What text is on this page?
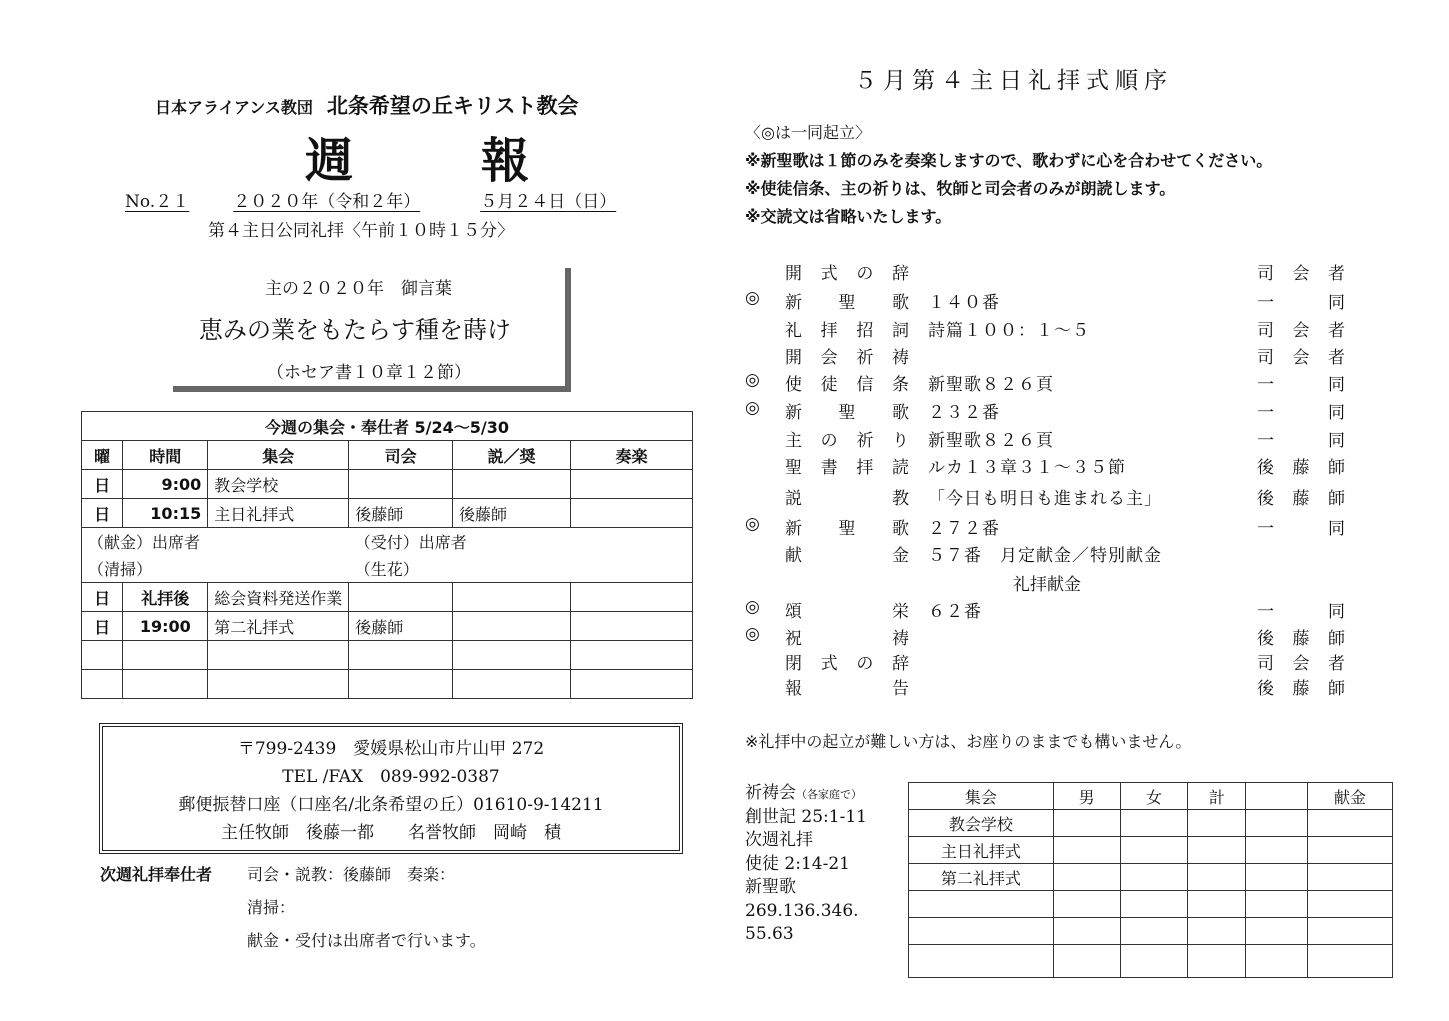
日本アライアンス教団 北条希望の丘キリスト教会
週　報
No.２１	２０２０年（令和２年）	５月２４日（日）
第４主日公同礼拝〈午前１０時１５分〉
主の２０２０年　御言葉
恵みの業をもたらす種を蒔け
（ホセア書１０章１２節）
今週の集会・奉仕者 5/24〜5/30					
曜	時間	集会	司会	説／奨	奏楽
日	9:00	教会学校			
日	10:15	主日礼拝式	後藤師	後藤師	
（献金）出席者			（受付）出席者		
（清掃）			（生花）		
日	礼拝後	総会資料発送作業			
日	19:00	第二礼拝式	後藤師		

〒799-2439　愛媛県松山市片山甲 272
TEL /FAX　089-992-0387
郵便振替口座（口座名/北条希望の丘）01610-9-14211
主任牧師　後藤一都　　名誉牧師　岡崎　積
次週礼拝奉仕者 司会・説教：後藤師　奏楽：
清掃：
献金・受付は出席者で行います。
５月第４主日礼拝式順序
〈◎は一同起立〉
※新聖歌は１節のみを奏楽しますので、歌わずに心を合わせてください。
※使徒信条、主の祈りは、牧師と司会者のみが朗読します。
※交読文は省略いたします。
開式の辞	司会者
◎ 新聖歌 １４０番	一同
礼拝招詞 詩篇１００：１〜５	司会者
開会祈祷	司会者
◎ 使徒信条 新聖歌８２６頁	一同
◎ 新聖歌 ２３２番	一同
主の祈り 新聖歌８２６頁	一同
聖書拝読 ルカ１３章３１〜３５節	後藤師
説教 「今日も明日も進まれる主」	後藤師
◎ 新聖歌 ２７２番	一同
献金 ５７番　月定献金／特別献金
◎ 頌栄 ６２番	一同
◎ 祝祷	後藤師
閉式の辞	司会者
報告	後藤師
礼拝献金
※礼拝中の起立が難しい方は、お座りのままでも構いません。
祈祷会（各家庭で）
創世記 25:1-11
次週礼拝
使徒 2:14-21
新聖歌
269.136.346.
55.63
集会	男	女	計		献金
教会学校					
主日礼拝式					
第二礼拝式					
